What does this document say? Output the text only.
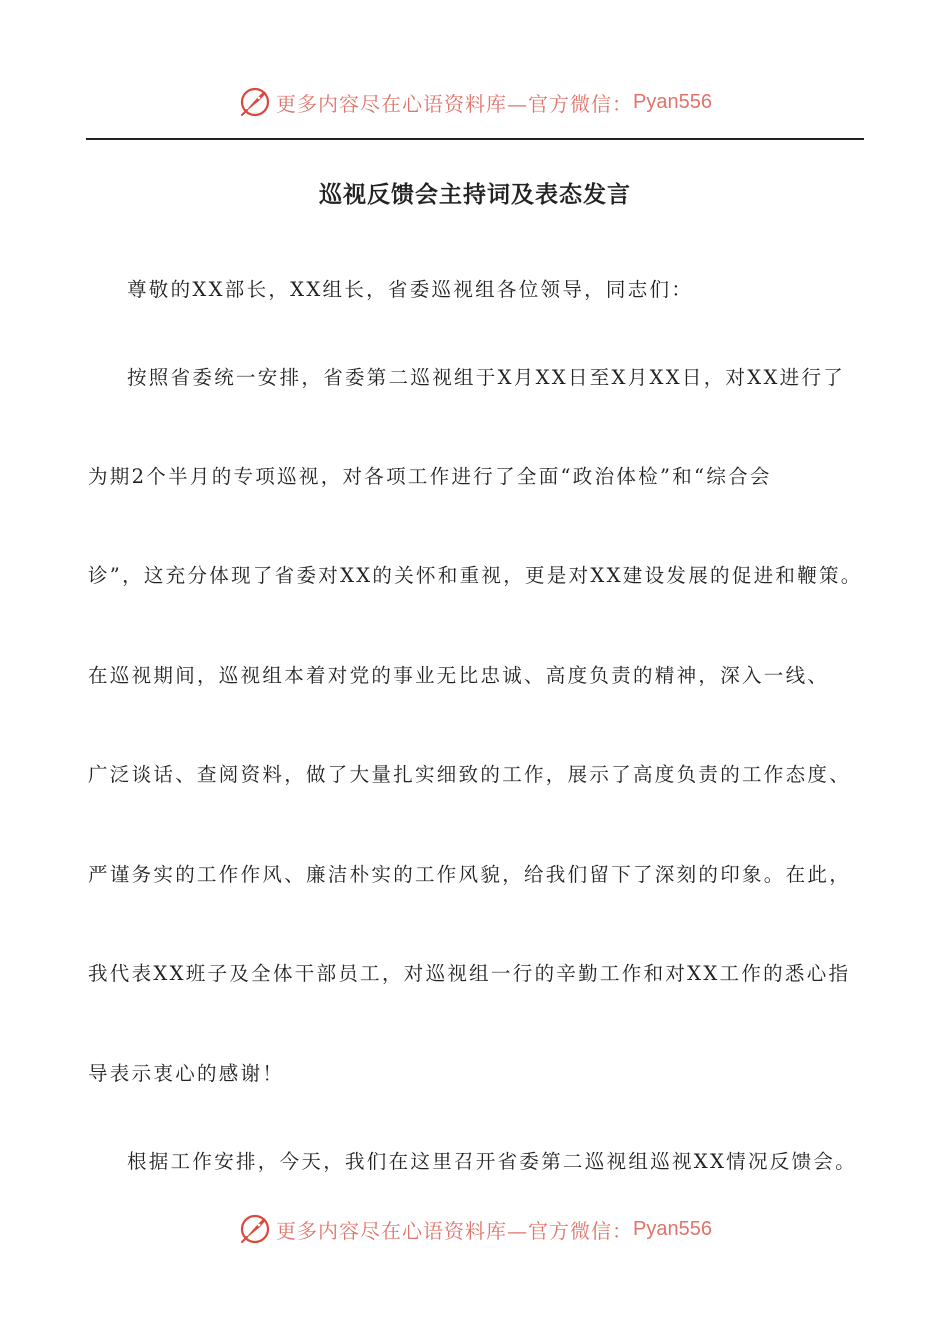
更多内容尽在心语资料库—官方微信： Pyan556
巡视反馈会主持词及表态发言
尊敬的XX部长，XX组长，省委巡视组各位领导，同志们：
按照省委统一安排，省委第二巡视组于X月XX日至X月XX日，对XX进行了
为期2个半月的专项巡视，对各项工作进行了全面“政治体检”和“综合会
诊”，这充分体现了省委对XX的关怀和重视，更是对XX建设发展的促进和鞭策。
在巡视期间，巡视组本着对党的事业无比忠诚、高度负责的精神，深入一线、
广泛谈话、查阅资料，做了大量扎实细致的工作，展示了高度负责的工作态度、
严谨务实的工作作风、廉洁朴实的工作风貌，给我们留下了深刻的印象。在此，
我代表XX班子及全体干部员工，对巡视组一行的辛勤工作和对XX工作的悉心指
导表示衷心的感谢！
根据工作安排，今天，我们在这里召开省委第二巡视组巡视XX情况反馈会。
更多内容尽在心语资料库—官方微信： Pyan556
